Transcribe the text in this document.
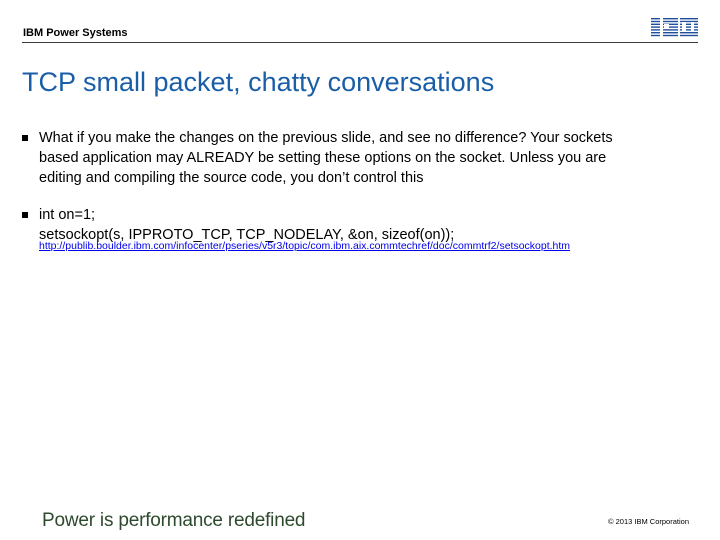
IBM Power Systems
TCP small packet, chatty conversations
What if you make the changes on the previous slide, and see no difference? Your sockets
based application may ALREADY be setting these options on the socket. Unless you are
editing and compiling the source code, you don’t control this
int on=1;
setsockopt(s, IPPROTO_TCP, TCP_NODELAY, &on, sizeof(on));
http://publib.boulder.ibm.com/infocenter/pseries/v5r3/topic/com.ibm.aix.commtechref/doc/commtrf2/setsockopt.htm
Power is performance redefined	© 2013 IBM Corporation
